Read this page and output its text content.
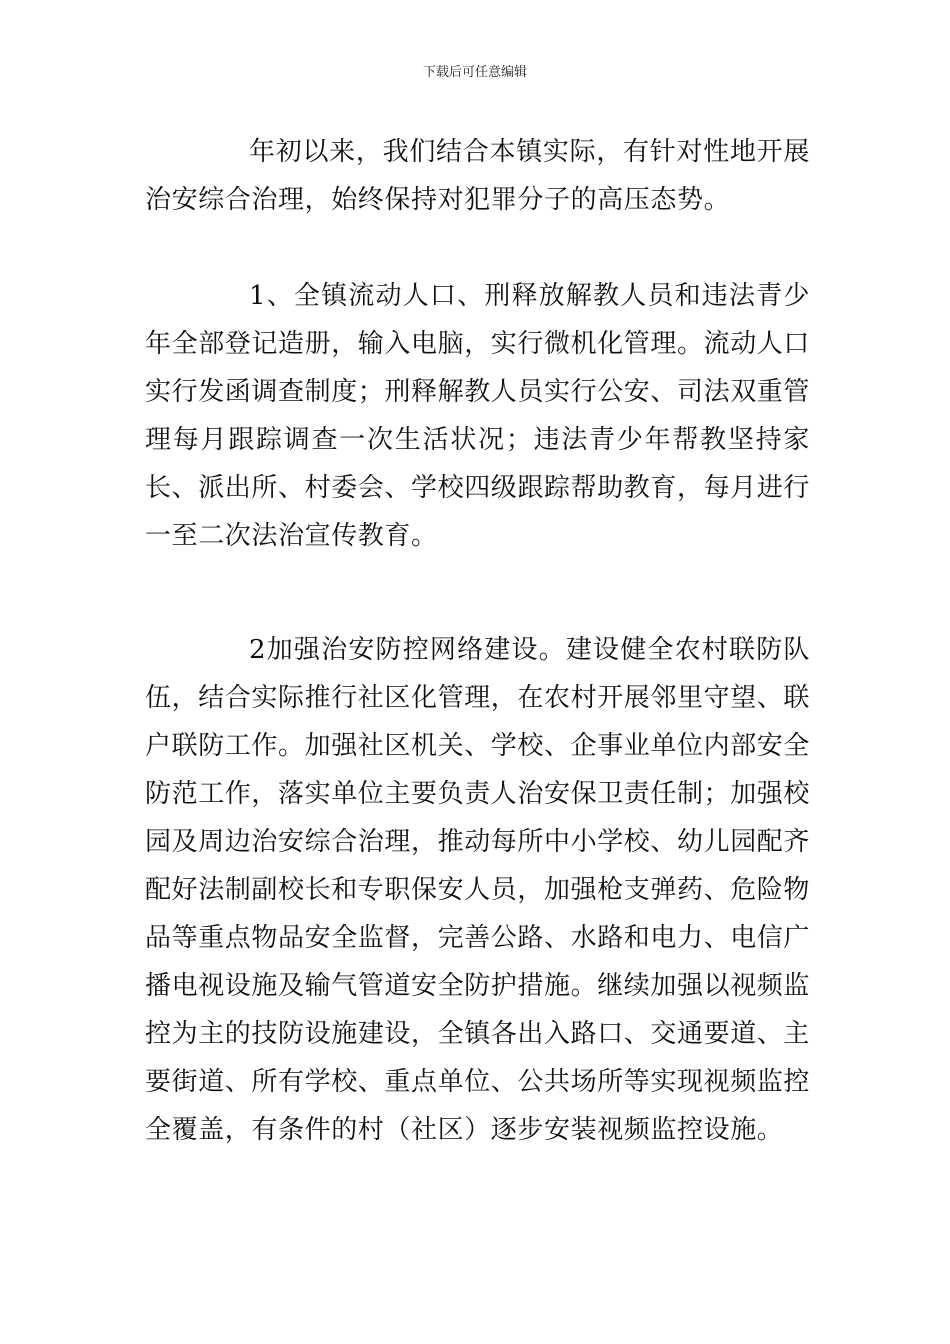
下载后可任意编辑

年初以来，我们结合本镇实际，有针对性地开展治安综合治理，始终保持对犯罪分子的高压态势。

1、全镇流动人口、刑释放解教人员和违法青少年全部登记造册，输入电脑，实行微机化管理。流动人口实行发函调查制度；刑释解教人员实行公安、司法双重管理每月跟踪调查一次生活状况；违法青少年帮教坚持家长、派出所、村委会、学校四级跟踪帮助教育，每月进行一至二次法治宣传教育。

2加强治安防控网络建设。建设健全农村联防队伍，结合实际推行社区化管理，在农村开展邻里守望、联户联防工作。加强社区机关、学校、企事业单位内部安全防范工作，落实单位主要负责人治安保卫责任制；加强校园及周边治安综合治理，推动每所中小学校、幼儿园配齐配好法制副校长和专职保安人员，加强枪支弹药、危险物品等重点物品安全监督，完善公路、水路和电力、电信广播电视设施及输气管道安全防护措施。继续加强以视频监控为主的技防设施建设，全镇各出入路口、交通要道、主要街道、所有学校、重点单位、公共场所等实现视频监控全覆盖，有条件的村（社区）逐步安装视频监控设施。
